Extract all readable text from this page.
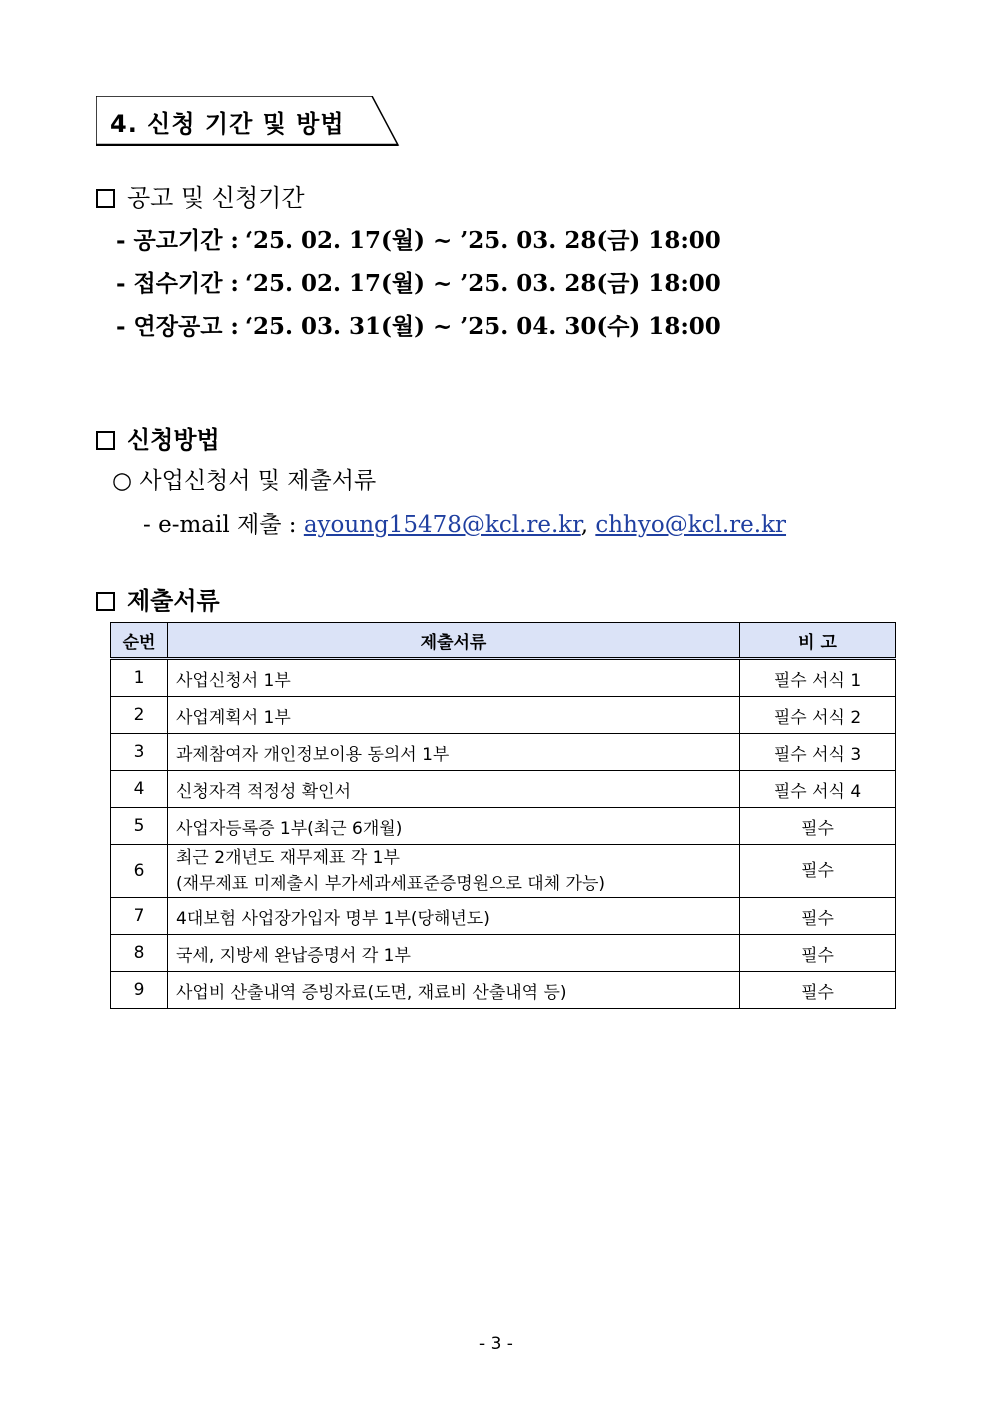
4. 신청 기간 및 방법
공고 및 신청기간
- 공고기간 : ‘25. 02. 17(월) ~ ’25. 03. 28(금) 18:00
- 접수기간 : ‘25. 02. 17(월) ~ ’25. 03. 28(금) 18:00
- 연장공고 : ‘25. 03. 31(월) ~ ’25. 04. 30(수) 18:00
신청방법
○ 사업신청서 및 제출서류
- e-mail 제출 : ayoung15478@kcl.re.kr, chhyo@kcl.re.kr
제출서류
순번	제출서류	비 고
1	사업신청서 1부	필수 서식 1
2	사업계획서 1부	필수 서식 2
3	과제참여자 개인정보이용 동의서 1부	필수 서식 3
4	신청자격 적정성 확인서	필수 서식 4
5	사업자등록증 1부(최근 6개월)	필수
6	최근 2개년도 재무제표 각 1부
(재무제표 미제출시 부가세과세표준증명원으로 대체 가능)	필수
7	4대보험 사업장가입자 명부 1부(당해년도)	필수
8	국세, 지방세 완납증명서 각 1부	필수
9	사업비 산출내역 증빙자료(도면, 재료비 산출내역 등)	필수
- 3 -
